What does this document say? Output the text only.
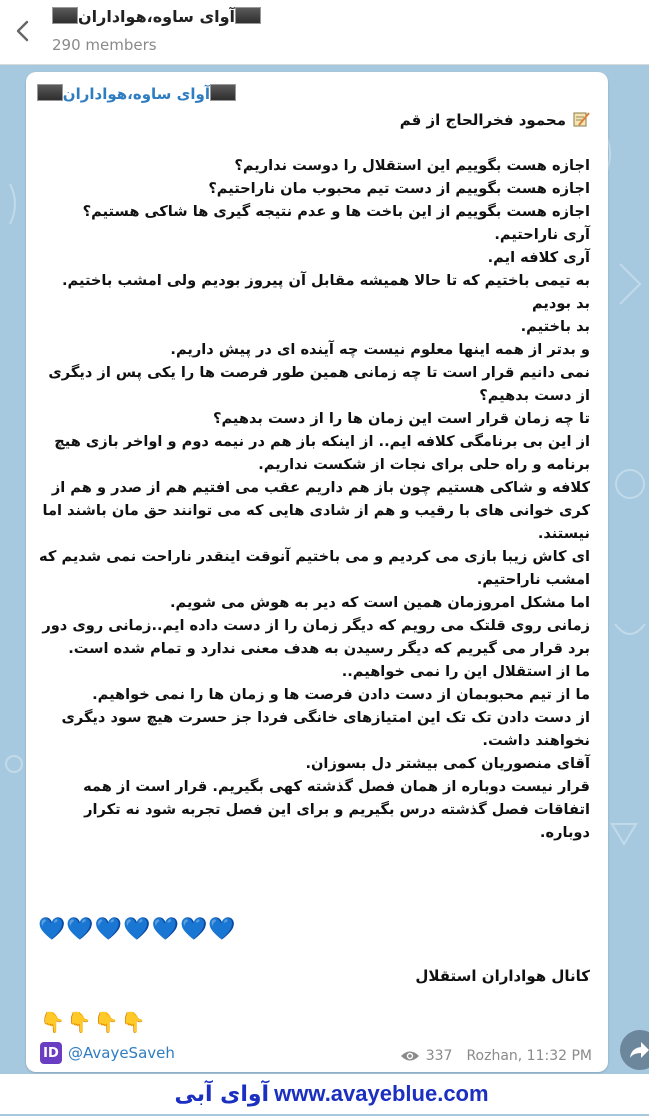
آوای ساوه،هواداران
290 members
آوای ساوه،هواداران
محمود فخرالحاج از قم

اجازه هست بگوییم این استقلال را دوست نداریم؟

اجازه هست بگوییم از دست تیم محبوب مان ناراحتیم؟

اجازه هست بگوییم از این باخت ها و عدم نتیجه گیری ها شاکی هستیم؟

آری ناراحتیم.

آری کلافه ایم.

به تیمی باختیم که تا حالا همیشه مقابل آن پیروز بودیم ولی امشب باختیم.

بد بودیم

بد باختیم.

و بدتر از همه اینها معلوم نیست چه آینده ای در پیش داریم.

نمی دانیم قرار است تا چه زمانی همین طور فرصت ها را یکی پس از دیگری از دست بدهیم؟

تا چه زمان قرار است این زمان ها را از دست بدهیم؟

از این بی برنامگی کلافه ایم.. از اینکه باز هم در نیمه دوم و اواخر بازی هیچ برنامه و راه حلی برای نجات از شکست نداریم.

کلافه و شاکی هستیم چون باز هم داریم عقب می افتیم هم از صدر و هم از کری خوانی های با رقیب و هم از شادی هایی که می توانند حق مان باشند اما نیستند.

ای کاش زیبا بازی می کردیم و می باختیم آنوقت اینقدر ناراحت نمی شدیم که امشب ناراحتیم.

اما مشکل امروزمان همین است که دیر به هوش می شویم.

زمانی روی قلتک می رویم که دیگر زمان را از دست داده ایم..زمانی روی دور برد قرار می گیریم که دیگر رسیدن به هدف معنی ندارد و تمام شده است.

ما از استقلال این را نمی خواهیم..

ما از تیم محبوبمان از دست دادن فرصت ها و زمان ها را نمی خواهیم.

از دست دادن تک تک این امتیازهای خانگی فردا جز حسرت هیچ سود دیگری نخواهند داشت.

آقای منصوریان کمی بیشتر دل بسوزان.

قرار نیست دوباره از همان فصل گذشته کهی بگیریم. قرار است از همه اتفاقات فصل گذشته درس بگیریم و برای این فصل تجربه شود نه تکرار دوباره.

💙💙💙💙💙💙💙
کانال هواداران استقلال
👇👇👇👇
ID @AvayeSaveh	337 Rozhan, 11:32 PM
آوای آبی www.avayeblue.com
